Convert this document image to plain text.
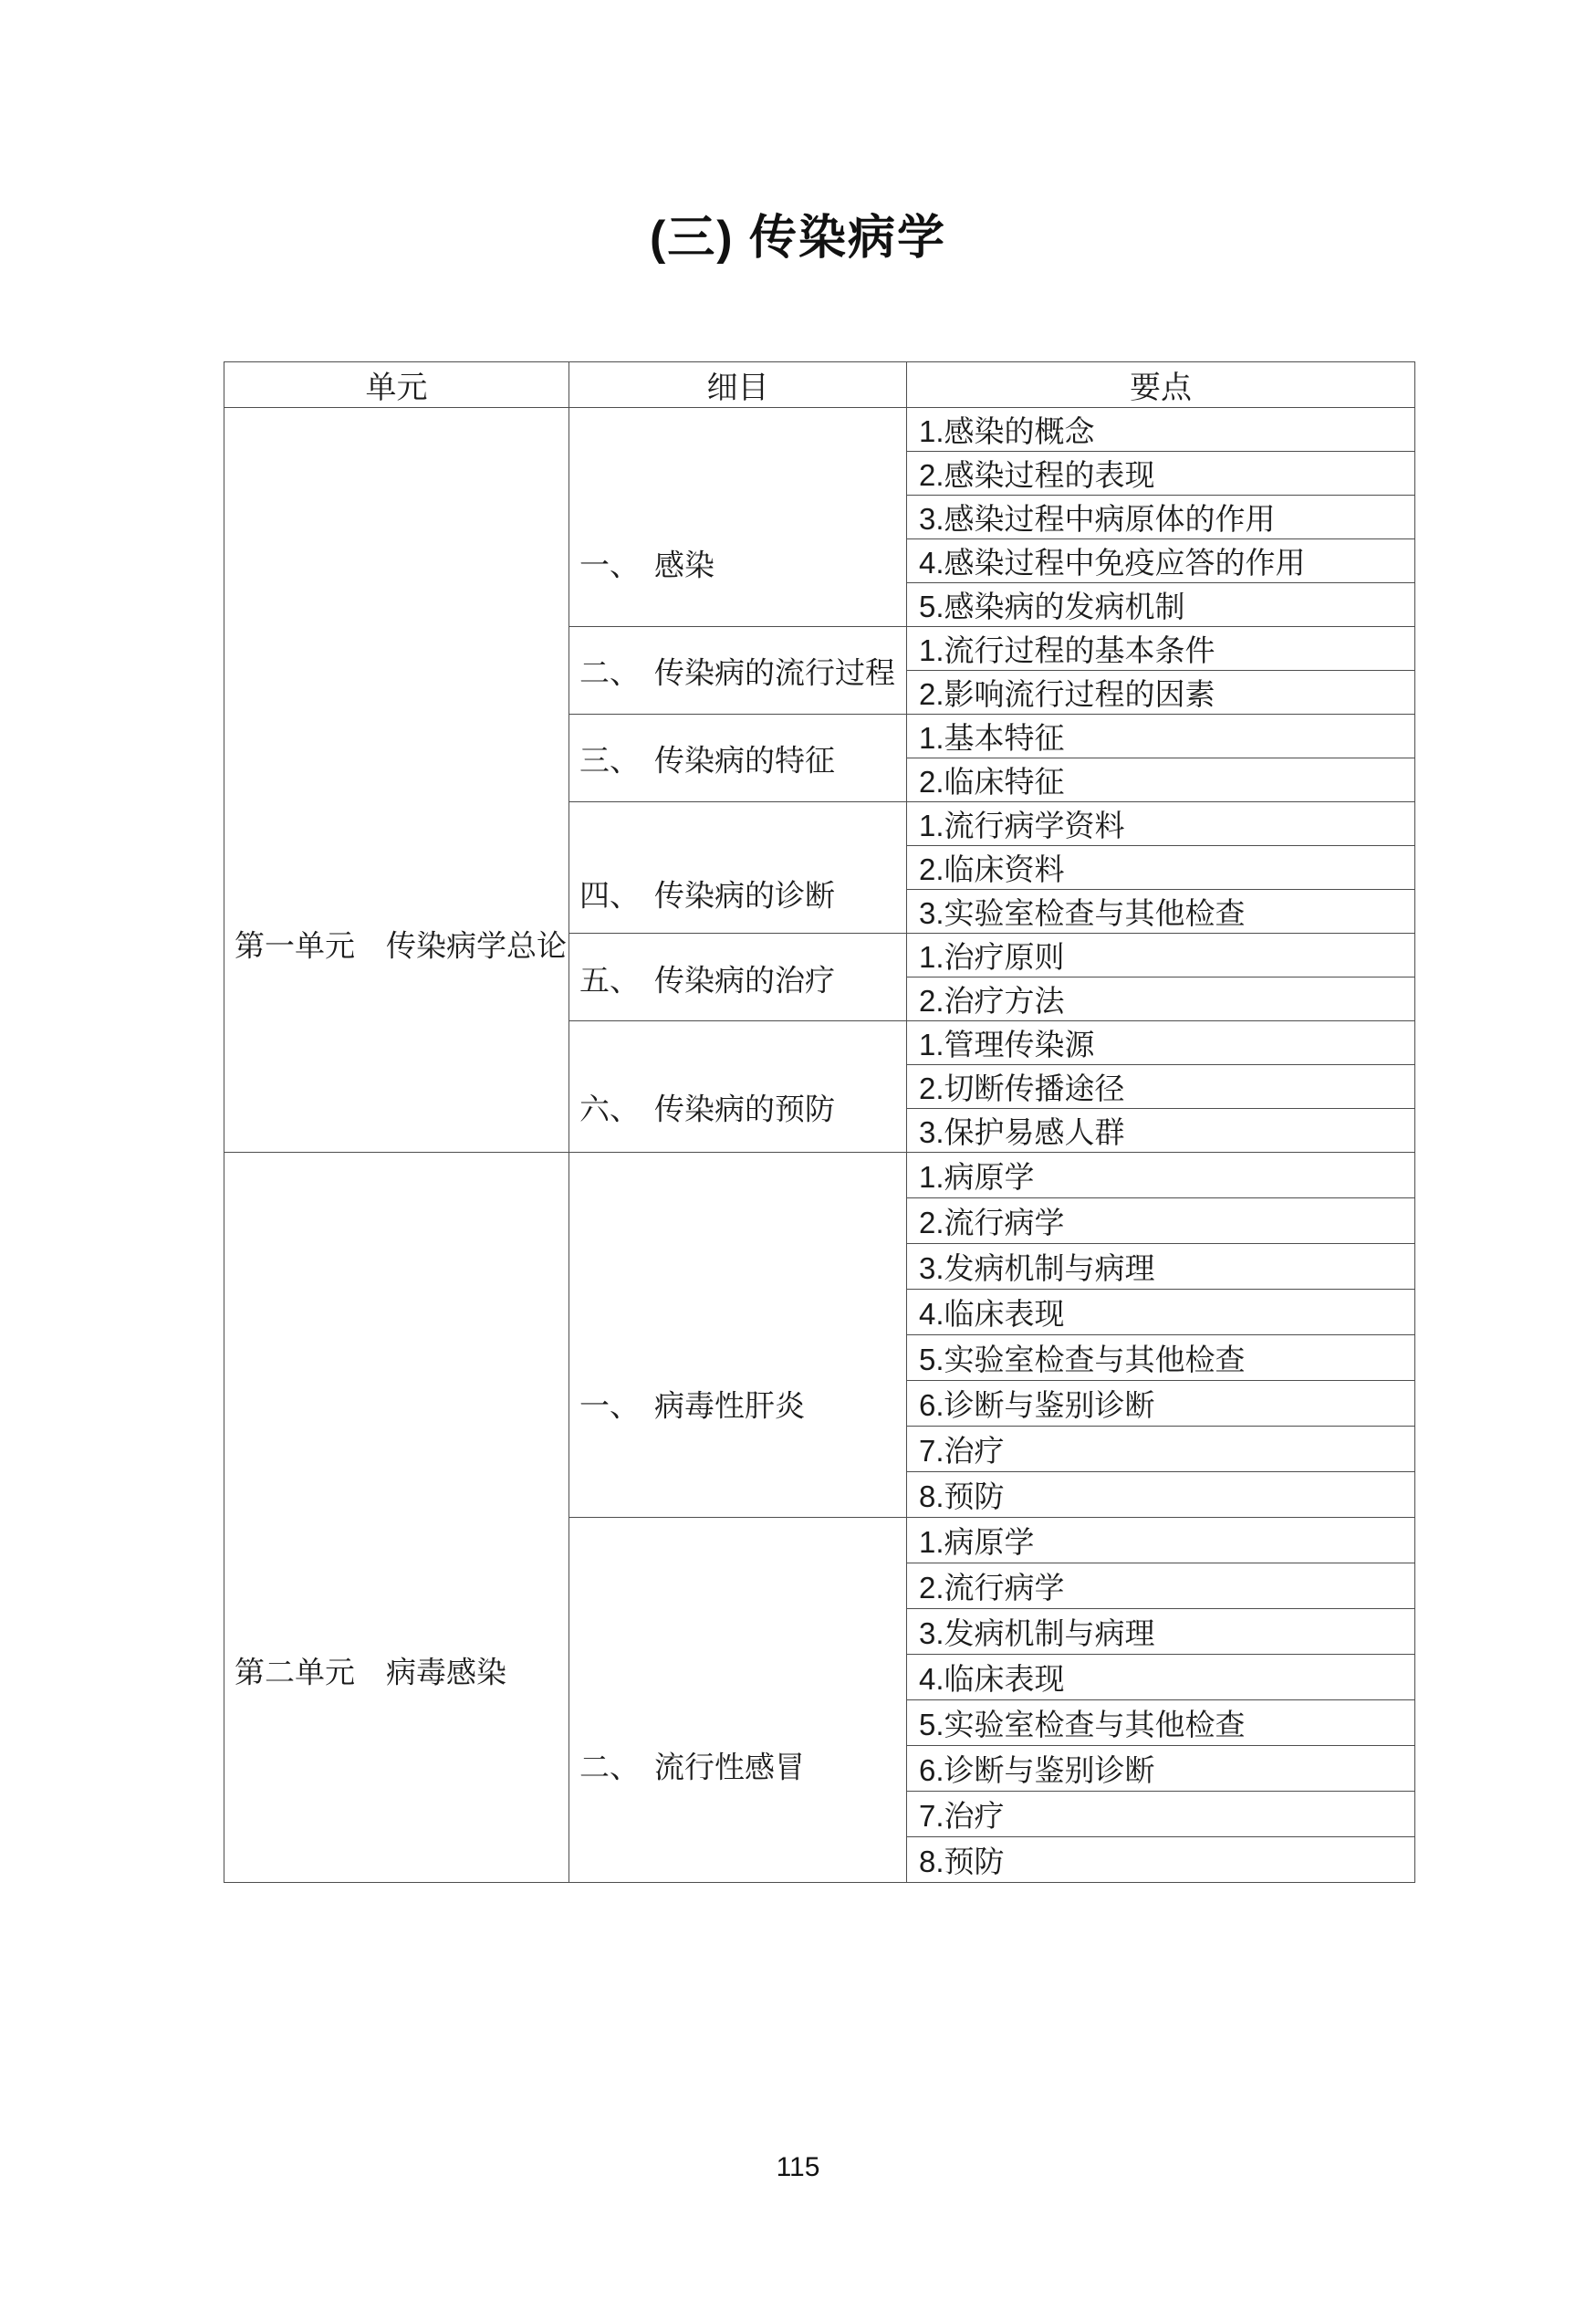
(三) 传染病学
单元	细目	要点

第一单元 传染病学总论	一、 感染	1.感染的概念
		2.感染过程的表现
		3.感染过程中病原体的作用
		4.感染过程中免疫应答的作用
		5.感染病的发病机制

	二、 传染病的流行过程	1.流行过程的基本条件
		2.影响流行过程的因素

	三、 传染病的特征	1.基本特征
		2.临床特征

	四、 传染病的诊断	1.流行病学资料
		2.临床资料
		3.实验室检查与其他检查

	五、 传染病的治疗	1.治疗原则
		2.治疗方法

	六、 传染病的预防	1.管理传染源
		2.切断传播途径
		3.保护易感人群

第二单元 病毒感染	一、 病毒性肝炎	1.病原学
		2.流行病学
		3.发病机制与病理
		4.临床表现
		5.实验室检查与其他检查
		6.诊断与鉴别诊断
		7.治疗
		8.预防

	二、 流行性感冒	1.病原学
		2.流行病学
		3.发病机制与病理
		4.临床表现
		5.实验室检查与其他检查
		6.诊断与鉴别诊断
		7.治疗
		8.预防
115
